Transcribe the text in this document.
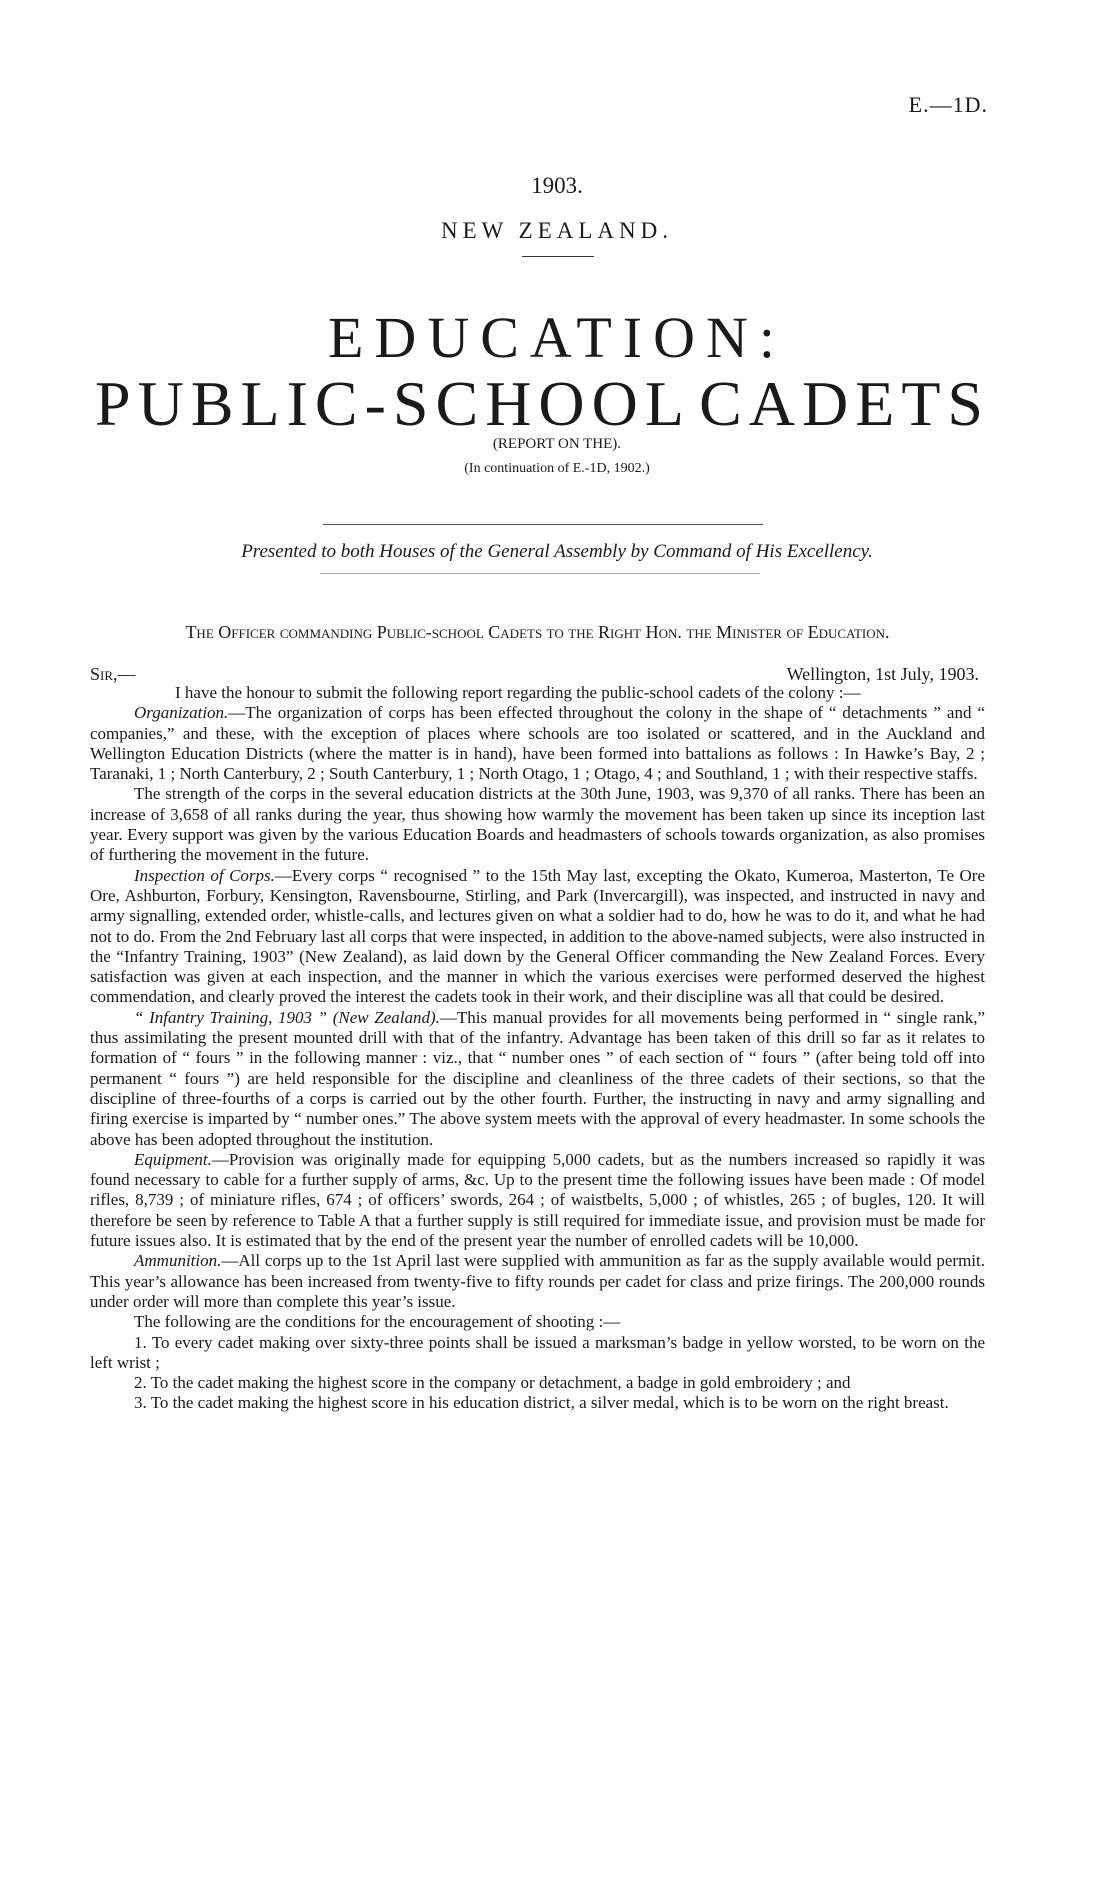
E.—1D.
1903.
NEW ZEALAND.
EDUCATION:
PUBLIC-SCHOOL CADETS
(REPORT ON THE).
(In continuation of E.-1D, 1902.)
Presented to both Houses of the General Assembly by Command of His Excellency.
The Officer commanding Public-school Cadets to the Right Hon. the Minister of Education.
Sir,—	Wellington, 1st July, 1903.

I have the honour to submit the following report regarding the public-school cadets of the colony :—

Organization.—The organization of corps has been effected throughout the colony in the shape of “ detachments ” and “ companies,” and these, with the exception of places where schools are too isolated or scattered, and in the Auckland and Wellington Education Districts (where the matter is in hand), have been formed into battalions as follows : In Hawke’s Bay, 2 ; Taranaki, 1 ; North Canterbury, 2 ; South Canterbury, 1 ; North Otago, 1 ; Otago, 4 ; and Southland, 1 ; with their respective staffs.

The strength of the corps in the several education districts at the 30th June, 1903, was 9,370 of all ranks. There has been an increase of 3,658 of all ranks during the year, thus showing how warmly the movement has been taken up since its inception last year. Every support was given by the various Education Boards and headmasters of schools towards organization, as also promises of furthering the movement in the future.

Inspection of Corps.—Every corps “ recognised ” to the 15th May last, excepting the Okato, Kumeroa, Masterton, Te Ore Ore, Ashburton, Forbury, Kensington, Ravensbourne, Stirling, and Park (Invercargill), was inspected, and instructed in navy and army signalling, extended order, whistle-calls, and lectures given on what a soldier had to do, how he was to do it, and what he had not to do. From the 2nd February last all corps that were inspected, in addition to the above-named subjects, were also instructed in the “Infantry Training, 1903” (New Zealand), as laid down by the General Officer commanding the New Zealand Forces. Every satisfaction was given at each inspection, and the manner in which the various exercises were performed deserved the highest commendation, and clearly proved the interest the cadets took in their work, and their discipline was all that could be desired.

“ Infantry Training, 1903 ” (New Zealand).—This manual provides for all movements being performed in “ single rank,” thus assimilating the present mounted drill with that of the infantry. Advantage has been taken of this drill so far as it relates to formation of “ fours ” in the following manner : viz., that “ number ones ” of each section of “ fours ” (after being told off into permanent “ fours ”) are held responsible for the discipline and cleanliness of the three cadets of their sections, so that the discipline of three-fourths of a corps is carried out by the other fourth. Further, the instructing in navy and army signalling and firing exercise is imparted by “ number ones.” The above system meets with the approval of every headmaster. In some schools the above has been adopted throughout the institution.

Equipment.—Provision was originally made for equipping 5,000 cadets, but as the numbers increased so rapidly it was found necessary to cable for a further supply of arms, &c. Up to the present time the following issues have been made : Of model rifles, 8,739 ; of miniature rifles, 674 ; of officers’ swords, 264 ; of waistbelts, 5,000 ; of whistles, 265 ; of bugles, 120. It will therefore be seen by reference to Table A that a further supply is still required for immediate issue, and provision must be made for future issues also. It is estimated that by the end of the present year the number of enrolled cadets will be 10,000.

Ammunition.—All corps up to the 1st April last were supplied with ammunition as far as the supply available would permit. This year’s allowance has been increased from twenty-five to fifty rounds per cadet for class and prize firings. The 200,000 rounds under order will more than complete this year’s issue.

The following are the conditions for the encouragement of shooting :—

1. To every cadet making over sixty-three points shall be issued a marksman’s badge in yellow worsted, to be worn on the left wrist ;

2. To the cadet making the highest score in the company or detachment, a badge in gold embroidery ; and

3. To the cadet making the highest score in his education district, a silver medal, which is to be worn on the right breast.
